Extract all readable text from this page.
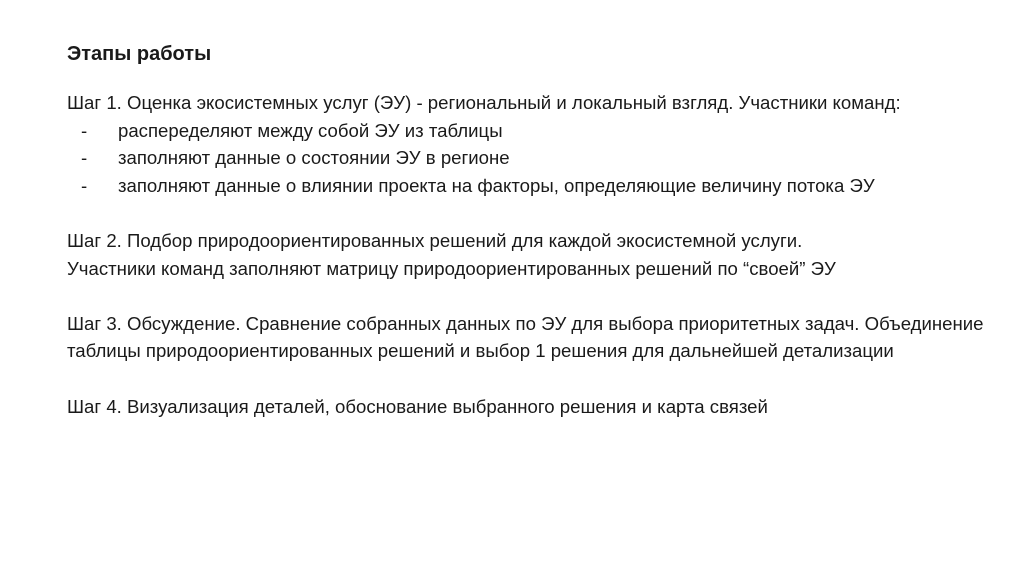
Этапы работы

Шаг 1. Оценка экосистемных услуг (ЭУ) - региональный и локальный взгляд. Участники команд:

- распеределяют между собой ЭУ из таблицы
- заполняют данные о состоянии ЭУ в регионе
- заполняют данные о влиянии проекта на факторы, определяющие величину потока ЭУ

Шаг 2. Подбор природоориентированных решений для каждой экосистемной услуги.

Участники команд заполняют матрицу природоориентированных решений по “своей” ЭУ

Шаг 3. Обсуждение. Сравнение собранных данных по ЭУ для выбора приоритетных задач. Объединение таблицы природоориентированных решений и выбор 1 решения для дальнейшей детализации

Шаг 4. Визуализация деталей, обоснование выбранного решения и карта связей
